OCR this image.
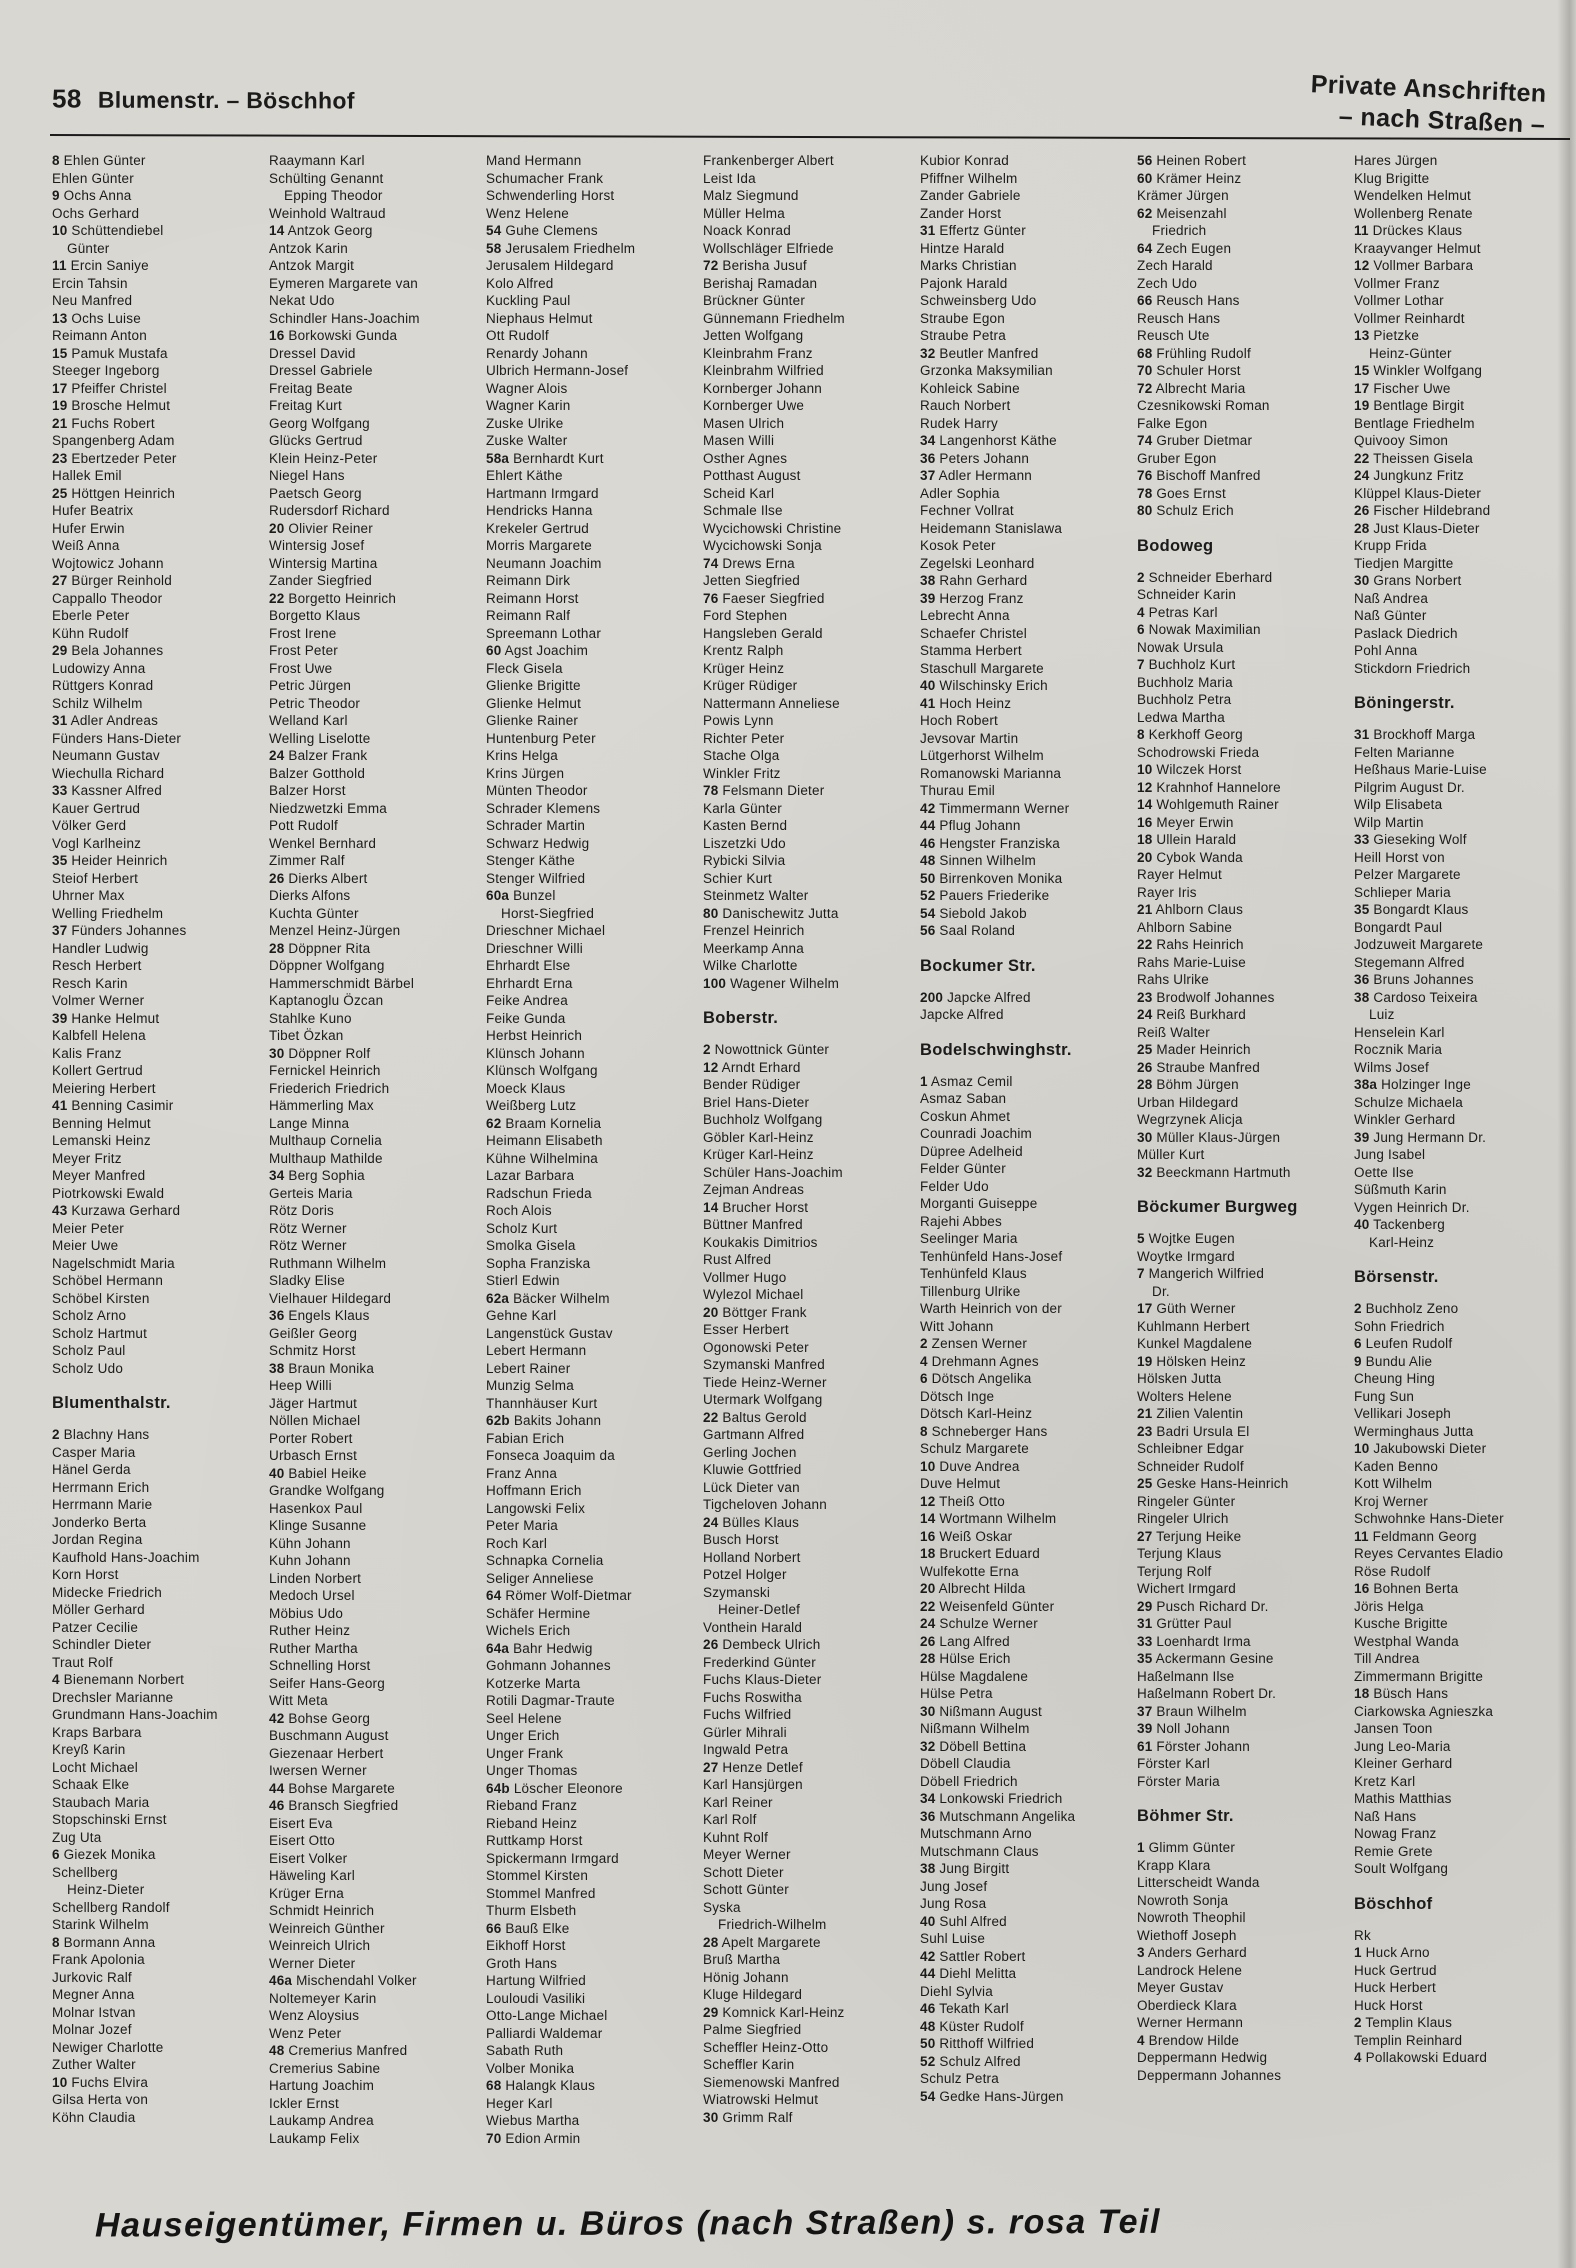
58 Blumenstr. – Böschhof	Private Anschriften
– nach Straßen –
8 Ehlen Günter
Ehlen Günter
9 Ochs Anna
Ochs Gerhard
10 Schüttendiebel
Günter
11 Ercin Saniye
Ercin Tahsin
Neu Manfred
13 Ochs Luise
Reimann Anton
15 Pamuk Mustafa
Steeger Ingeborg
17 Pfeiffer Christel
19 Brosche Helmut
21 Fuchs Robert
Spangenberg Adam
23 Ebertzeder Peter
Hallek Emil
25 Höttgen Heinrich
Hufer Beatrix
Hufer Erwin
Weiß Anna
Wojtowicz Johann
27 Bürger Reinhold
Cappallo Theodor
Eberle Peter
Kühn Rudolf
29 Bela Johannes
Ludowizy Anna
Rüttgers Konrad
Schilz Wilhelm
31 Adler Andreas
Fünders Hans-Dieter
Neumann Gustav
Wiechulla Richard
33 Kassner Alfred
Kauer Gertrud
Völker Gerd
Vogl Karlheinz
35 Heider Heinrich
Steiof Herbert
Uhrner Max
Welling Friedhelm
37 Fünders Johannes
Handler Ludwig
Resch Herbert
Resch Karin
Volmer Werner
39 Hanke Helmut
Kalbfell Helena
Kalis Franz
Kollert Gertrud
Meiering Herbert
41 Benning Casimir
Benning Helmut
Lemanski Heinz
Meyer Fritz
Meyer Manfred
Piotrkowski Ewald
43 Kurzawa Gerhard
Meier Peter
Meier Uwe
Nagelschmidt Maria
Schöbel Hermann
Schöbel Kirsten
Scholz Arno
Scholz Hartmut
Scholz Paul
Scholz Udo
Blumenthalstr.
2 Blachny Hans
Casper Maria
Hänel Gerda
Herrmann Erich
Herrmann Marie
Jonderko Berta
Jordan Regina
Kaufhold Hans-Joachim
Korn Horst
Midecke Friedrich
Möller Gerhard
Patzer Cecilie
Schindler Dieter
Traut Rolf
4 Bienemann Norbert
Drechsler Marianne
Grundmann Hans-Joachim
Kraps Barbara
Kreyß Karin
Locht Michael
Schaak Elke
Staubach Maria
Stopschinski Ernst
Zug Uta
6 Giezek Monika
Schellberg
Heinz-Dieter
Schellberg Randolf
Starink Wilhelm
8 Bormann Anna
Frank Apolonia
Jurkovic Ralf
Megner Anna
Molnar Istvan
Molnar Jozef
Newiger Charlotte
Zuther Walter
10 Fuchs Elvira
Gilsa Herta von
Köhn Claudia
Raaymann Karl
Schülting Genannt
Epping Theodor
Weinhold Waltraud
14 Antzok Georg
Antzok Karin
Antzok Margit
Eymeren Margarete van
Nekat Udo
Schindler Hans-Joachim
16 Borkowski Gunda
Dressel David
Dressel Gabriele
Freitag Beate
Freitag Kurt
Georg Wolfgang
Glücks Gertrud
Klein Heinz-Peter
Niegel Hans
Paetsch Georg
Rudersdorf Richard
20 Olivier Reiner
Wintersig Josef
Wintersig Martina
Zander Siegfried
22 Borgetto Heinrich
Borgetto Klaus
Frost Irene
Frost Peter
Frost Uwe
Petric Jürgen
Petric Theodor
Welland Karl
Welling Liselotte
24 Balzer Frank
Balzer Gotthold
Balzer Horst
Niedzwetzki Emma
Pott Rudolf
Wenkel Bernhard
Zimmer Ralf
26 Dierks Albert
Dierks Alfons
Kuchta Günter
Menzel Heinz-Jürgen
28 Döppner Rita
Döppner Wolfgang
Hammerschmidt Bärbel
Kaptanoglu Özcan
Stahlke Kuno
Tibet Özkan
30 Döppner Rolf
Fernickel Heinrich
Friederich Friedrich
Hämmerling Max
Lange Minna
Multhaup Cornelia
Multhaup Mathilde
34 Berg Sophia
Gerteis Maria
Rötz Doris
Rötz Werner
Rötz Werner
Ruthmann Wilhelm
Sladky Elise
Vielhauer Hildegard
36 Engels Klaus
Geißler Georg
Schmitz Horst
38 Braun Monika
Heep Willi
Jäger Hartmut
Nöllen Michael
Porter Robert
Urbasch Ernst
40 Babiel Heike
Grandke Wolfgang
Hasenkox Paul
Klinge Susanne
Kühn Johann
Kuhn Johann
Linden Norbert
Medoch Ursel
Möbius Udo
Ruther Heinz
Ruther Martha
Schnelling Horst
Seifer Hans-Georg
Witt Meta
42 Bohse Georg
Buschmann August
Giezenaar Herbert
Iwersen Werner
44 Bohse Margarete
46 Bransch Siegfried
Eisert Eva
Eisert Otto
Eisert Volker
Häweling Karl
Krüger Erna
Schmidt Heinrich
Weinreich Günther
Weinreich Ulrich
Werner Dieter
46a Mischendahl Volker
Noltemeyer Karin
Wenz Aloysius
Wenz Peter
48 Cremerius Manfred
Cremerius Sabine
Hartung Joachim
Ickler Ernst
Laukamp Andrea
Laukamp Felix
Mand Hermann
Schumacher Frank
Schwenderling Horst
Wenz Helene
54 Guhe Clemens
58 Jerusalem Friedhelm
Jerusalem Hildegard
Kolo Alfred
Kuckling Paul
Niephaus Helmut
Ott Rudolf
Renardy Johann
Ulbrich Hermann-Josef
Wagner Alois
Wagner Karin
Zuske Ulrike
Zuske Walter
58a Bernhardt Kurt
Ehlert Käthe
Hartmann Irmgard
Hendricks Hanna
Krekeler Gertrud
Morris Margarete
Neumann Joachim
Reimann Dirk
Reimann Horst
Reimann Ralf
Spreemann Lothar
60 Agst Joachim
Fleck Gisela
Glienke Brigitte
Glienke Helmut
Glienke Rainer
Huntenburg Peter
Krins Helga
Krins Jürgen
Münten Theodor
Schrader Klemens
Schrader Martin
Schwarz Hedwig
Stenger Käthe
Stenger Wilfried
60a Bunzel
Horst-Siegfried
Drieschner Michael
Drieschner Willi
Ehrhardt Else
Ehrhardt Erna
Feike Andrea
Feike Gunda
Herbst Heinrich
Klünsch Johann
Klünsch Wolfgang
Moeck Klaus
Weißberg Lutz
62 Braam Kornelia
Heimann Elisabeth
Kühne Wilhelmina
Lazar Barbara
Radschun Frieda
Roch Alois
Scholz Kurt
Smolka Gisela
Sopha Franziska
Stierl Edwin
62a Bäcker Wilhelm
Gehne Karl
Langenstück Gustav
Lebert Hermann
Lebert Rainer
Munzig Selma
Thannhäuser Kurt
62b Bakits Johann
Fabian Erich
Fonseca Joaquim da
Franz Anna
Hoffmann Erich
Langowski Felix
Peter Maria
Roch Karl
Schnapka Cornelia
Seliger Anneliese
64 Römer Wolf-Dietmar
Schäfer Hermine
Wichels Erich
64a Bahr Hedwig
Gohmann Johannes
Kotzerke Marta
Rotili Dagmar-Traute
Seel Helene
Unger Erich
Unger Frank
Unger Thomas
64b Löscher Eleonore
Rieband Franz
Rieband Heinz
Ruttkamp Horst
Spickermann Irmgard
Stommel Kirsten
Stommel Manfred
Thurm Elsbeth
66 Bauß Elke
Eikhoff Horst
Groth Hans
Hartung Wilfried
Louloudi Vasiliki
Otto-Lange Michael
Palliardi Waldemar
Sabath Ruth
Volber Monika
68 Halangk Klaus
Heger Karl
Wiebus Martha
70 Edion Armin
Frankenberger Albert
Leist Ida
Malz Siegmund
Müller Helma
Noack Konrad
Wollschläger Elfriede
72 Berisha Jusuf
Berishaj Ramadan
Brückner Günter
Günnemann Friedhelm
Jetten Wolfgang
Kleinbrahm Franz
Kleinbrahm Wilfried
Kornberger Johann
Kornberger Uwe
Masen Ulrich
Masen Willi
Osther Agnes
Potthast August
Scheid Karl
Schmale Ilse
Wycichowski Christine
Wycichowski Sonja
74 Drews Erna
Jetten Siegfried
76 Faeser Siegfried
Ford Stephen
Hangsleben Gerald
Krentz Ralph
Krüger Heinz
Krüger Rüdiger
Nattermann Anneliese
Powis Lynn
Richter Peter
Stache Olga
Winkler Fritz
78 Felsmann Dieter
Karla Günter
Kasten Bernd
Liszetzki Udo
Rybicki Silvia
Schier Kurt
Steinmetz Walter
80 Danischewitz Jutta
Frenzel Heinrich
Meerkamp Anna
Wilke Charlotte
100 Wagener Wilhelm
Boberstr.
2 Nowottnick Günter
12 Arndt Erhard
Bender Rüdiger
Briel Hans-Dieter
Buchholz Wolfgang
Göbler Karl-Heinz
Krüger Karl-Heinz
Schüler Hans-Joachim
Zejman Andreas
14 Brucher Horst
Büttner Manfred
Koukakis Dimitrios
Rust Alfred
Vollmer Hugo
Wylezol Michael
20 Böttger Frank
Esser Herbert
Ogonowski Peter
Szymanski Manfred
Tiede Heinz-Werner
Utermark Wolfgang
22 Baltus Gerold
Gartmann Alfred
Gerling Jochen
Kluwie Gottfried
Lück Dieter van
Tigcheloven Johann
24 Bülles Klaus
Busch Horst
Holland Norbert
Potzel Holger
Szymanski
Heiner-Detlef
Vonthein Harald
26 Dembeck Ulrich
Frederkind Günter
Fuchs Klaus-Dieter
Fuchs Roswitha
Fuchs Wilfried
Gürler Mihrali
Ingwald Petra
27 Henze Detlef
Karl Hansjürgen
Karl Reiner
Karl Rolf
Kuhnt Rolf
Meyer Werner
Schott Dieter
Schott Günter
Syska
Friedrich-Wilhelm
28 Apelt Margarete
Bruß Martha
Hönig Johann
Kluge Hildegard
29 Komnick Karl-Heinz
Palme Siegfried
Scheffler Heinz-Otto
Scheffler Karin
Siemenowski Manfred
Wiatrowski Helmut
30 Grimm Ralf
Kubior Konrad
Pfiffner Wilhelm
Zander Gabriele
Zander Horst
31 Effertz Günter
Hintze Harald
Marks Christian
Pajonk Harald
Schweinsberg Udo
Straube Egon
Straube Petra
32 Beutler Manfred
Grzonka Maksymilian
Kohleick Sabine
Rauch Norbert
Rudek Harry
34 Langenhorst Käthe
36 Peters Johann
37 Adler Hermann
Adler Sophia
Fechner Vollrat
Heidemann Stanislawa
Kosok Peter
Zegelski Leonhard
38 Rahn Gerhard
39 Herzog Franz
Lebrecht Anna
Schaefer Christel
Stamma Herbert
Staschull Margarete
40 Wilschinsky Erich
41 Hoch Heinz
Hoch Robert
Jevsovar Martin
Lütgerhorst Wilhelm
Romanowski Marianna
Thurau Emil
42 Timmermann Werner
44 Pflug Johann
46 Hengster Franziska
48 Sinnen Wilhelm
50 Birrenkoven Monika
52 Pauers Friederike
54 Siebold Jakob
56 Saal Roland
Bockumer Str.
200 Japcke Alfred
Japcke Alfred
Bodelschwinghstr.
1 Asmaz Cemil
Asmaz Saban
Coskun Ahmet
Counradi Joachim
Düpree Adelheid
Felder Günter
Felder Udo
Morganti Guiseppe
Rajehi Abbes
Seelinger Maria
Tenhünfeld Hans-Josef
Tenhünfeld Klaus
Tillenburg Ulrike
Warth Heinrich von der
Witt Johann
2 Zensen Werner
4 Drehmann Agnes
6 Dötsch Angelika
Dötsch Inge
Dötsch Karl-Heinz
8 Schneberger Hans
Schulz Margarete
10 Duve Andrea
Duve Helmut
12 Theiß Otto
14 Wortmann Wilhelm
16 Weiß Oskar
18 Bruckert Eduard
Wulfekotte Erna
20 Albrecht Hilda
22 Weisenfeld Günter
24 Schulze Werner
26 Lang Alfred
28 Hülse Erich
Hülse Magdalene
Hülse Petra
30 Nißmann August
Nißmann Wilhelm
32 Döbell Bettina
Döbell Claudia
Döbell Friedrich
34 Lonkowski Friedrich
36 Mutschmann Angelika
Mutschmann Arno
Mutschmann Claus
38 Jung Birgitt
Jung Josef
Jung Rosa
40 Suhl Alfred
Suhl Luise
42 Sattler Robert
44 Diehl Melitta
Diehl Sylvia
46 Tekath Karl
48 Küster Rudolf
50 Ritthoff Wilfried
52 Schulz Alfred
Schulz Petra
54 Gedke Hans-Jürgen
56 Heinen Robert
60 Krämer Heinz
Krämer Jürgen
62 Meisenzahl
Friedrich
64 Zech Eugen
Zech Harald
Zech Udo
66 Reusch Hans
Reusch Hans
Reusch Ute
68 Frühling Rudolf
70 Schuler Horst
72 Albrecht Maria
Czesnikowski Roman
Falke Egon
74 Gruber Dietmar
Gruber Egon
76 Bischoff Manfred
78 Goes Ernst
80 Schulz Erich
Bodoweg
2 Schneider Eberhard
Schneider Karin
4 Petras Karl
6 Nowak Maximilian
Nowak Ursula
7 Buchholz Kurt
Buchholz Maria
Buchholz Petra
Ledwa Martha
8 Kerkhoff Georg
Schodrowski Frieda
10 Wilczek Horst
12 Krahnhof Hannelore
14 Wohlgemuth Rainer
16 Meyer Erwin
18 Ullein Harald
20 Cybok Wanda
Rayer Helmut
Rayer Iris
21 Ahlborn Claus
Ahlborn Sabine
22 Rahs Heinrich
Rahs Marie-Luise
Rahs Ulrike
23 Brodwolf Johannes
24 Reiß Burkhard
Reiß Walter
25 Mader Heinrich
26 Straube Manfred
28 Böhm Jürgen
Urban Hildegard
Wegrzynek Alicja
30 Müller Klaus-Jürgen
Müller Kurt
32 Beeckmann Hartmuth
Böckumer Burgweg
5 Wojtke Eugen
Woytke Irmgard
7 Mangerich Wilfried
Dr.
17 Güth Werner
Kuhlmann Herbert
Kunkel Magdalene
19 Hölsken Heinz
Hölsken Jutta
Wolters Helene
21 Zilien Valentin
23 Badri Ursula El
Schleibner Edgar
Schneider Rudolf
25 Geske Hans-Heinrich
Ringeler Günter
Ringeler Ulrich
27 Terjung Heike
Terjung Klaus
Terjung Rolf
Wichert Irmgard
29 Pusch Richard Dr.
31 Grütter Paul
33 Loenhardt Irma
35 Ackermann Gesine
Haßelmann Ilse
Haßelmann Robert Dr.
37 Braun Wilhelm
39 Noll Johann
61 Förster Johann
Förster Karl
Förster Maria
Böhmer Str.
1 Glimm Günter
Krapp Klara
Litterscheidt Wanda
Nowroth Sonja
Nowroth Theophil
Wiethoff Joseph
3 Anders Gerhard
Landrock Helene
Meyer Gustav
Oberdieck Klara
Werner Hermann
4 Brendow Hilde
Deppermann Hedwig
Deppermann Johannes
Hares Jürgen
Klug Brigitte
Wendelken Helmut
Wollenberg Renate
11 Drückes Klaus
Kraayvanger Helmut
12 Vollmer Barbara
Vollmer Franz
Vollmer Lothar
Vollmer Reinhardt
13 Pietzke
Heinz-Günter
15 Winkler Wolfgang
17 Fischer Uwe
19 Bentlage Birgit
Bentlage Friedhelm
Quivooy Simon
22 Theissen Gisela
24 Jungkunz Fritz
Klüppel Klaus-Dieter
26 Fischer Hildebrand
28 Just Klaus-Dieter
Krupp Frida
Tiedjen Margitte
30 Grans Norbert
Naß Andrea
Naß Günter
Paslack Diedrich
Pohl Anna
Stickdorn Friedrich
Böningerstr.
31 Brockhoff Marga
Felten Marianne
Heßhaus Marie-Luise
Pilgrim August Dr.
Wilp Elisabeta
Wilp Martin
33 Gieseking Wolf
Heill Horst von
Pelzer Margarete
Schlieper Maria
35 Bongardt Klaus
Bongardt Paul
Jodzuweit Margarete
Stegemann Alfred
36 Bruns Johannes
38 Cardoso Teixeira
Luiz
Henselein Karl
Rocznik Maria
Wilms Josef
38a Holzinger Inge
Schulze Michaela
Winkler Gerhard
39 Jung Hermann Dr.
Jung Isabel
Oette Ilse
Süßmuth Karin
Vygen Heinrich Dr.
40 Tackenberg
Karl-Heinz
Börsenstr.
2 Buchholz Zeno
Sohn Friedrich
6 Leufen Rudolf
9 Bundu Alie
Cheung Hing
Fung Sun
Vellikari Joseph
Werminghaus Jutta
10 Jakubowski Dieter
Kaden Benno
Kott Wilhelm
Kroj Werner
Schwohnke Hans-Dieter
11 Feldmann Georg
Reyes Cervantes Eladio
Röse Rudolf
16 Bohnen Berta
Jöris Helga
Kusche Brigitte
Westphal Wanda
Till Andrea
Zimmermann Brigitte
18 Büsch Hans
Ciarkowska Agnieszka
Jansen Toon
Jung Leo-Maria
Kleiner Gerhard
Kretz Karl
Mathis Matthias
Naß Hans
Nowag Franz
Remie Grete
Soult Wolfgang
Böschhof
Rk
1 Huck Arno
Huck Gertrud
Huck Herbert
Huck Horst
2 Templin Klaus
Templin Reinhard
4 Pollakowski Eduard
Hauseigentümer, Firmen u. Büros (nach Straßen) s. rosa Teil
